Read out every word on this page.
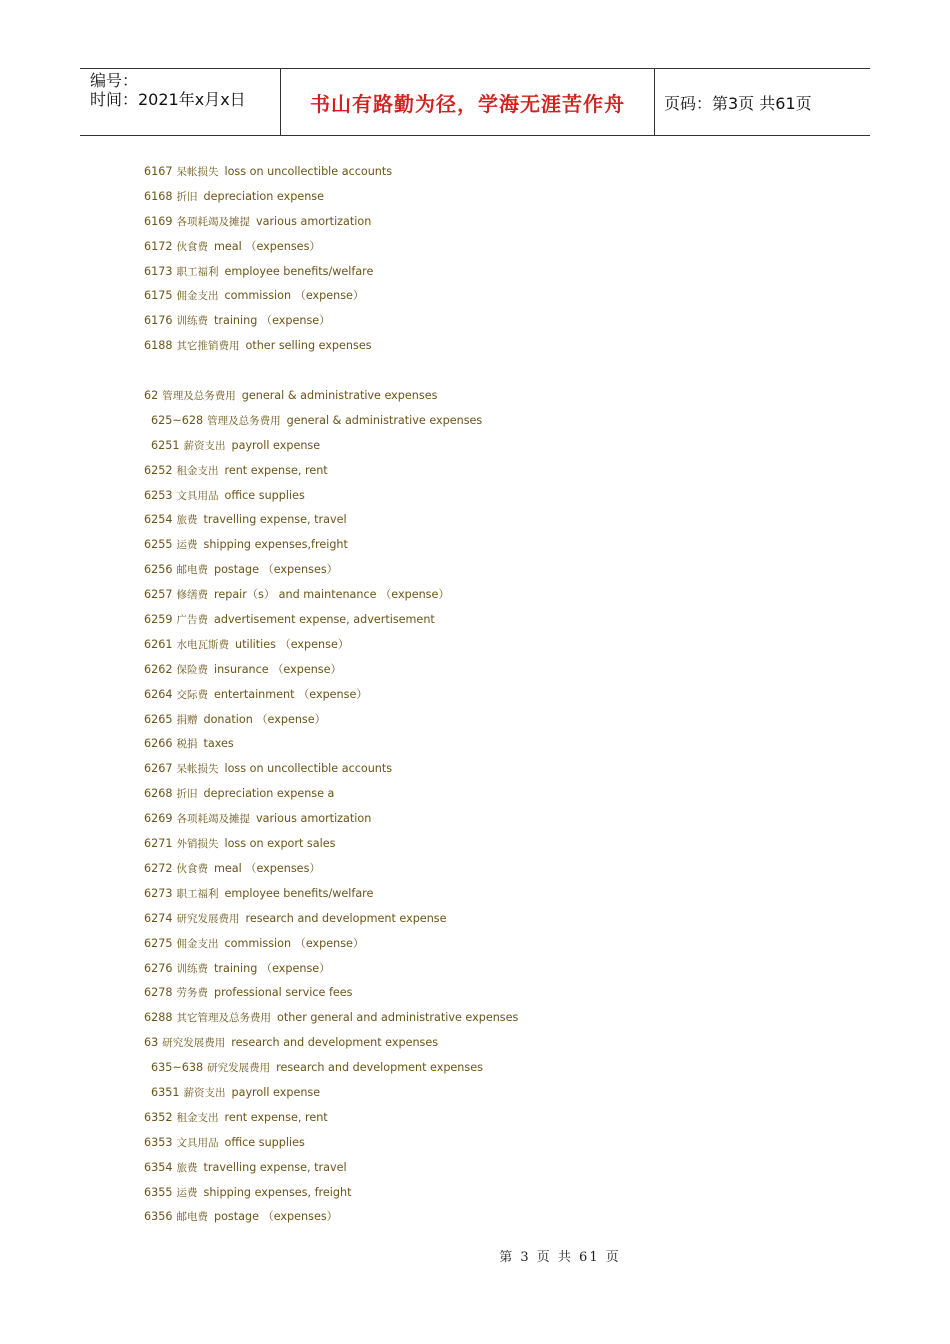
编号：
时间：2021年x月x日	书山有路勤为径，学海无涯苦作舟 页码：第3页 共61页
6167 呆帐损失 loss on uncollectible accounts
6168 折旧 depreciation expense
6169 各项耗竭及摊提 various amortization
6172 伙食费 meal （expenses）
6173 职工福利 employee benefits/welfare
6175 佣金支出 commission （expense）
6176 训练费 training （expense）
6188 其它推销费用 other selling expenses
62 管理及总务费用 general & administrative expenses
625~628 管理及总务费用 general & administrative expenses
6251 薪资支出 payroll expense
6252 租金支出 rent expense, rent
6253 文具用品 office supplies
6254 旅费 travelling expense, travel
6255 运费 shipping expenses,freight
6256 邮电费 postage （expenses）
6257 修缮费 repair（s） and maintenance （expense）
6259 广告费 advertisement expense, advertisement
6261 水电瓦斯费 utilities （expense）
6262 保险费 insurance （expense）
6264 交际费 entertainment （expense）
6265 捐赠 donation （expense）
6266 税捐 taxes
6267 呆帐损失 loss on uncollectible accounts
6268 折旧 depreciation expense a
6269 各项耗竭及摊提 various amortization
6271 外销损失 loss on export sales
6272 伙食费 meal （expenses）
6273 职工福利 employee benefits/welfare
6274 研究发展费用 research and development expense
6275 佣金支出 commission （expense）
6276 训练费 training （expense）
6278 劳务费 professional service fees
6288 其它管理及总务费用 other general and administrative expenses
63 研究发展费用 research and development expenses
635~638 研究发展费用 research and development expenses
6351 薪资支出 payroll expense
6352 租金支出 rent expense, rent
6353 文具用品 office supplies
6354 旅费 travelling expense, travel
6355 运费 shipping expenses, freight
6356 邮电费 postage （expenses）
第 3 页 共 61 页
